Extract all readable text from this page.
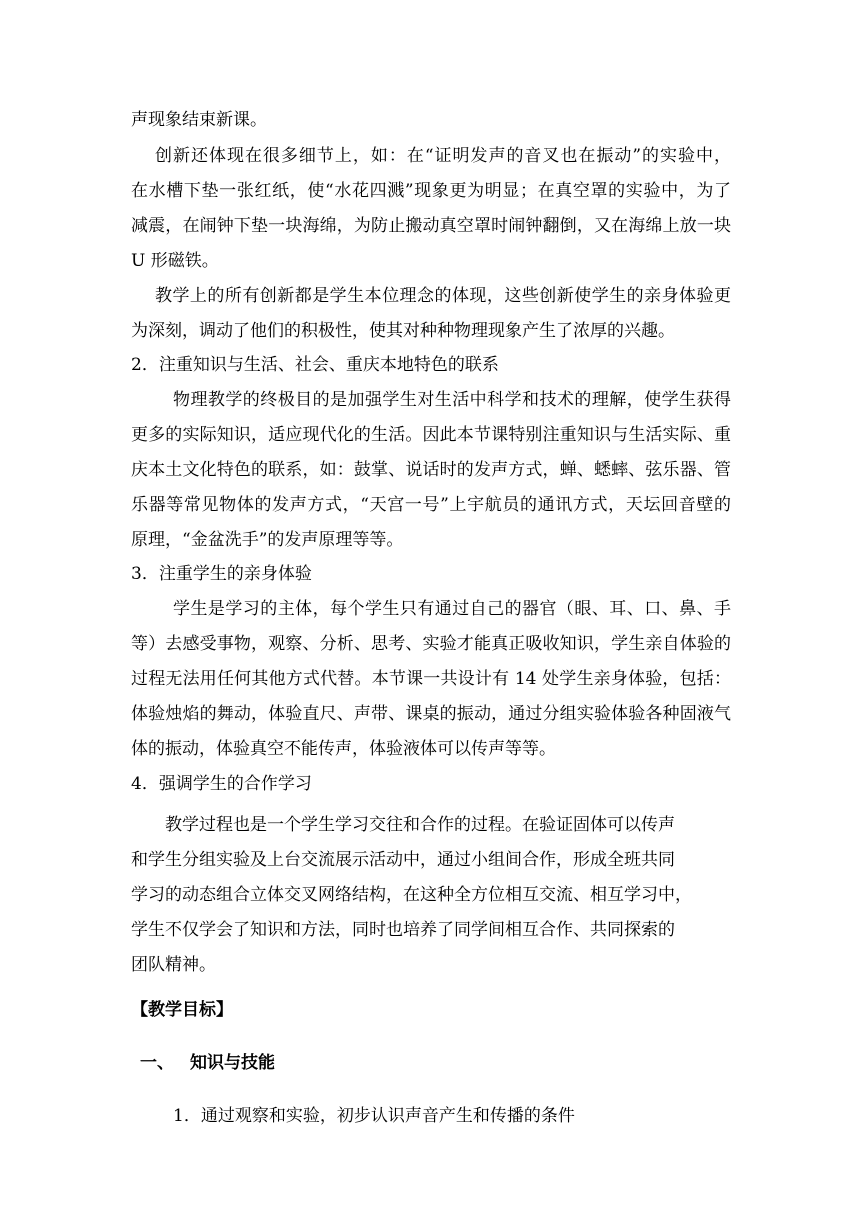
声现象结束新课。

创新还体现在很多细节上，如：在“证明发声的音叉也在振动”的实验中，

在水槽下垫一张红纸，使“水花四溅”现象更为明显；在真空罩的实验中，为了

减震，在闹钟下垫一块海绵，为防止搬动真空罩时闹钟翻倒，又在海绵上放一块

U 形磁铁。

教学上的所有创新都是学生本位理念的体现，这些创新使学生的亲身体验更

为深刻，调动了他们的积极性，使其对种种物理现象产生了浓厚的兴趣。

2．注重知识与生活、社会、重庆本地特色的联系

物理教学的终极目的是加强学生对生活中科学和技术的理解，使学生获得

更多的实际知识，适应现代化的生活。因此本节课特别注重知识与生活实际、重

庆本土文化特色的联系，如：鼓掌、说话时的发声方式，蝉、蟋蟀、弦乐器、管

乐器等常见物体的发声方式，“天宫一号”上宇航员的通讯方式，天坛回音壁的

原理，“金盆洗手”的发声原理等等。

3．注重学生的亲身体验

学生是学习的主体，每个学生只有通过自己的器官（眼、耳、口、鼻、手

等）去感受事物，观察、分析、思考、实验才能真正吸收知识，学生亲自体验的

过程无法用任何其他方式代替。本节课一共设计有 14 处学生亲身体验，包括：

体验烛焰的舞动，体验直尺、声带、课桌的振动，通过分组实验体验各种固液气

体的振动，体验真空不能传声，体验液体可以传声等等。

4．强调学生的合作学习

教学过程也是一个学生学习交往和合作的过程。在验证固体可以传声

和学生分组实验及上台交流展示活动中，通过小组间合作，形成全班共同

学习的动态组合立体交叉网络结构，在这种全方位相互交流、相互学习中，

学生不仅学会了知识和方法，同时也培养了同学间相互合作、共同探索的

团队精神。

【教学目标】

一、 知识与技能

1．通过观察和实验，初步认识声音产生和传播的条件
